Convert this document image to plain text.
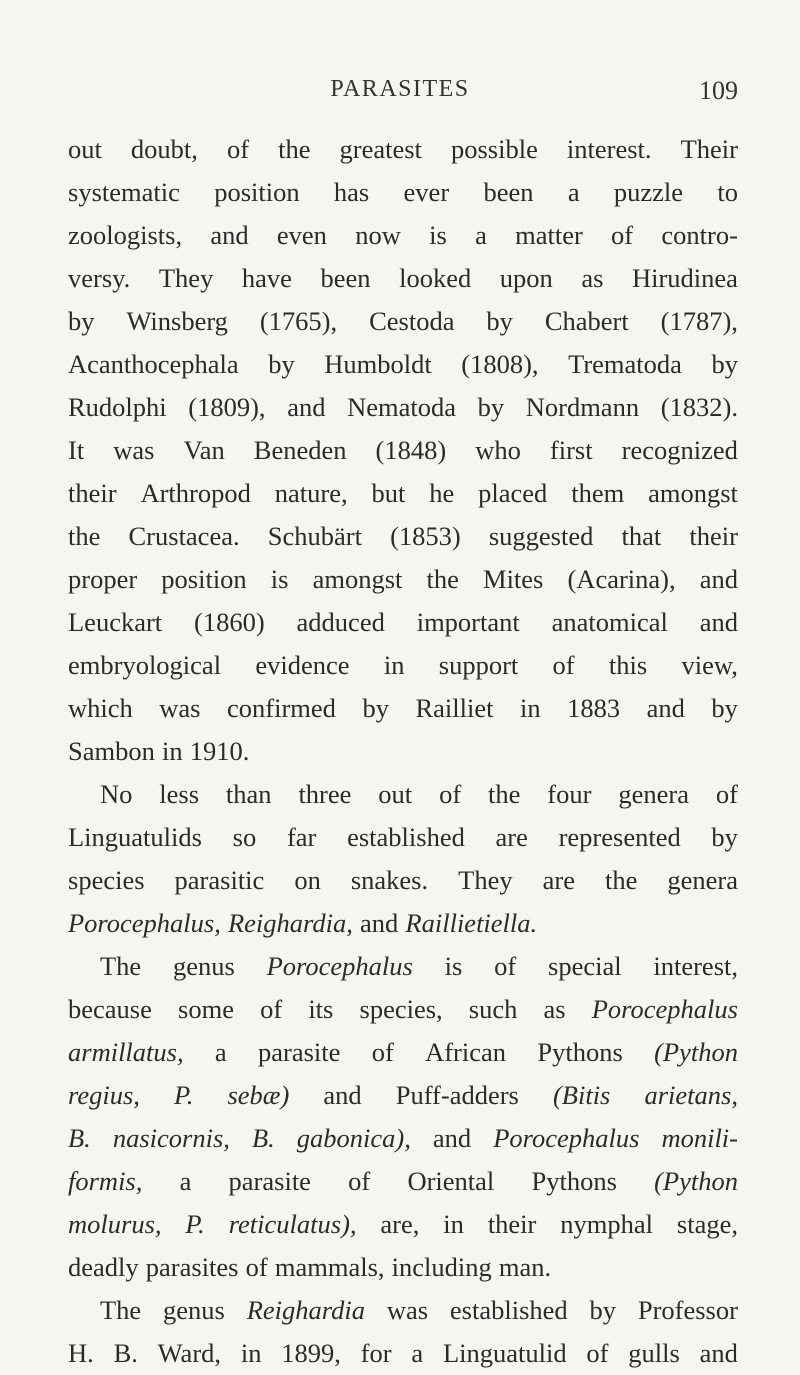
PARASITES	109
out doubt, of the greatest possible interest. Their
systematic position has ever been a puzzle to
zoologists, and even now is a matter of contro-
versy. They have been looked upon as Hirudinea
by Winsberg (1765), Cestoda by Chabert (1787),
Acanthocephala by Humboldt (1808), Trematoda by
Rudolphi (1809), and Nematoda by Nordmann (1832).
It was Van Beneden (1848) who first recognized
their Arthropod nature, but he placed them amongst
the Crustacea. Schubärt (1853) suggested that their
proper position is amongst the Mites (Acarina), and
Leuckart (1860) adduced important anatomical and
embryological evidence in support of this view,
which was confirmed by Railliet in 1883 and by
Sambon in 1910.
No less than three out of the four genera of
Linguatulids so far established are represented by
species parasitic on snakes. They are the genera
Porocephalus, Reighardia, and Raillietiella.
The genus Porocephalus is of special interest,
because some of its species, such as Porocephalus
armillatus, a parasite of African Pythons (Python
regius, P. sebæ) and Puff-adders (Bitis arietans,
B. nasicornis, B. gabonica), and Porocephalus monili-
formis, a parasite of Oriental Pythons (Python
molurus, P. reticulatus), are, in their nymphal stage,
deadly parasites of mammals, including man.
The genus Reighardia was established by Professor
H. B. Ward, in 1899, for a Linguatulid of gulls and
